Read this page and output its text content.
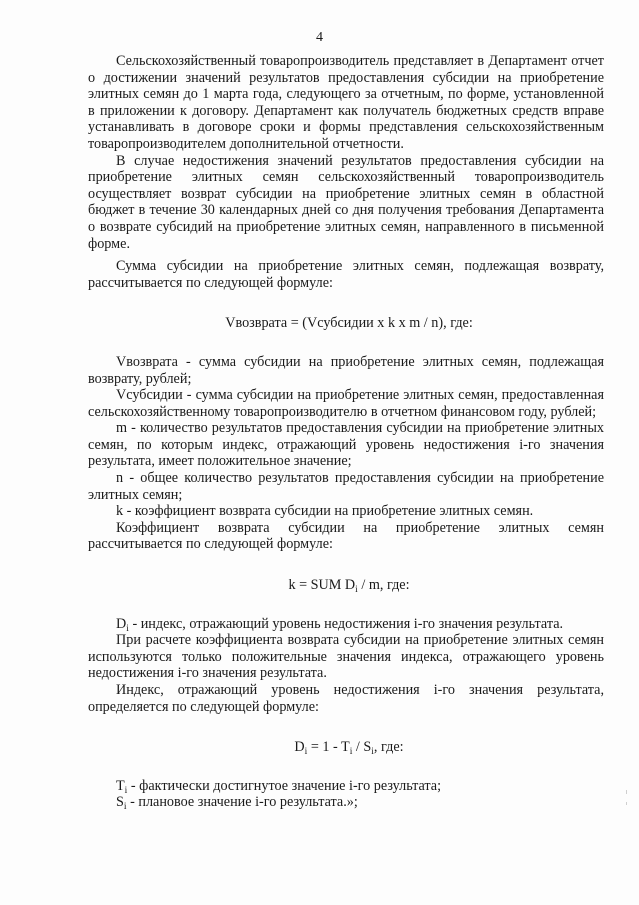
4

Сельскохозяйственный товаропроизводитель представляет в Департамент отчет о достижении значений результатов предоставления субсидии на приобретение элитных семян до 1 марта года, следующего за отчетным, по форме, установленной в приложении к договору. Департамент как получатель бюджетных средств вправе устанавливать в договоре сроки и формы представления сельскохозяйственным товаропроизводителем дополнительной отчетности.

В случае недостижения значений результатов предоставления субсидии на приобретение элитных семян сельскохозяйственный товаропроизводитель осуществляет возврат субсидии на приобретение элитных семян в областной бюджет в течение 30 календарных дней со дня получения требования Департамента о возврате субсидий на приобретение элитных семян, направленного в письменной форме.

Сумма субсидии на приобретение элитных семян, подлежащая возврату, рассчитывается по следующей формуле:

Vвозврата = (Vсубсидии x k x m / n), где:

Vвозврата - сумма субсидии на приобретение элитных семян, подлежащая возврату, рублей;

Vсубсидии - сумма субсидии на приобретение элитных семян, предоставленная сельскохозяйственному товаропроизводителю в отчетном финансовом году, рублей;

m - количество результатов предоставления субсидии на приобретение элитных семян, по которым индекс, отражающий уровень недостижения i-го значения результата, имеет положительное значение;

n - общее количество результатов предоставления субсидии на приобретение элитных семян;

k - коэффициент возврата субсидии на приобретение элитных семян.

Коэффициент возврата субсидии на приобретение элитных семян рассчитывается по следующей формуле:

k = SUM $D_i$ / m, где:

$D_i$ - индекс, отражающий уровень недостижения i-го значения результата.

При расчете коэффициента возврата субсидии на приобретение элитных семян используются только положительные значения индекса, отражающего уровень недостижения i-го значения результата.

Индекс, отражающий уровень недостижения i-го значения результата, определяется по следующей формуле:

$D_i = 1 - T_i / S_i$, где:

$T_i$ - фактически достигнутое значение i-го результата;

$S_i$ - плановое значение i-го результата.»;
